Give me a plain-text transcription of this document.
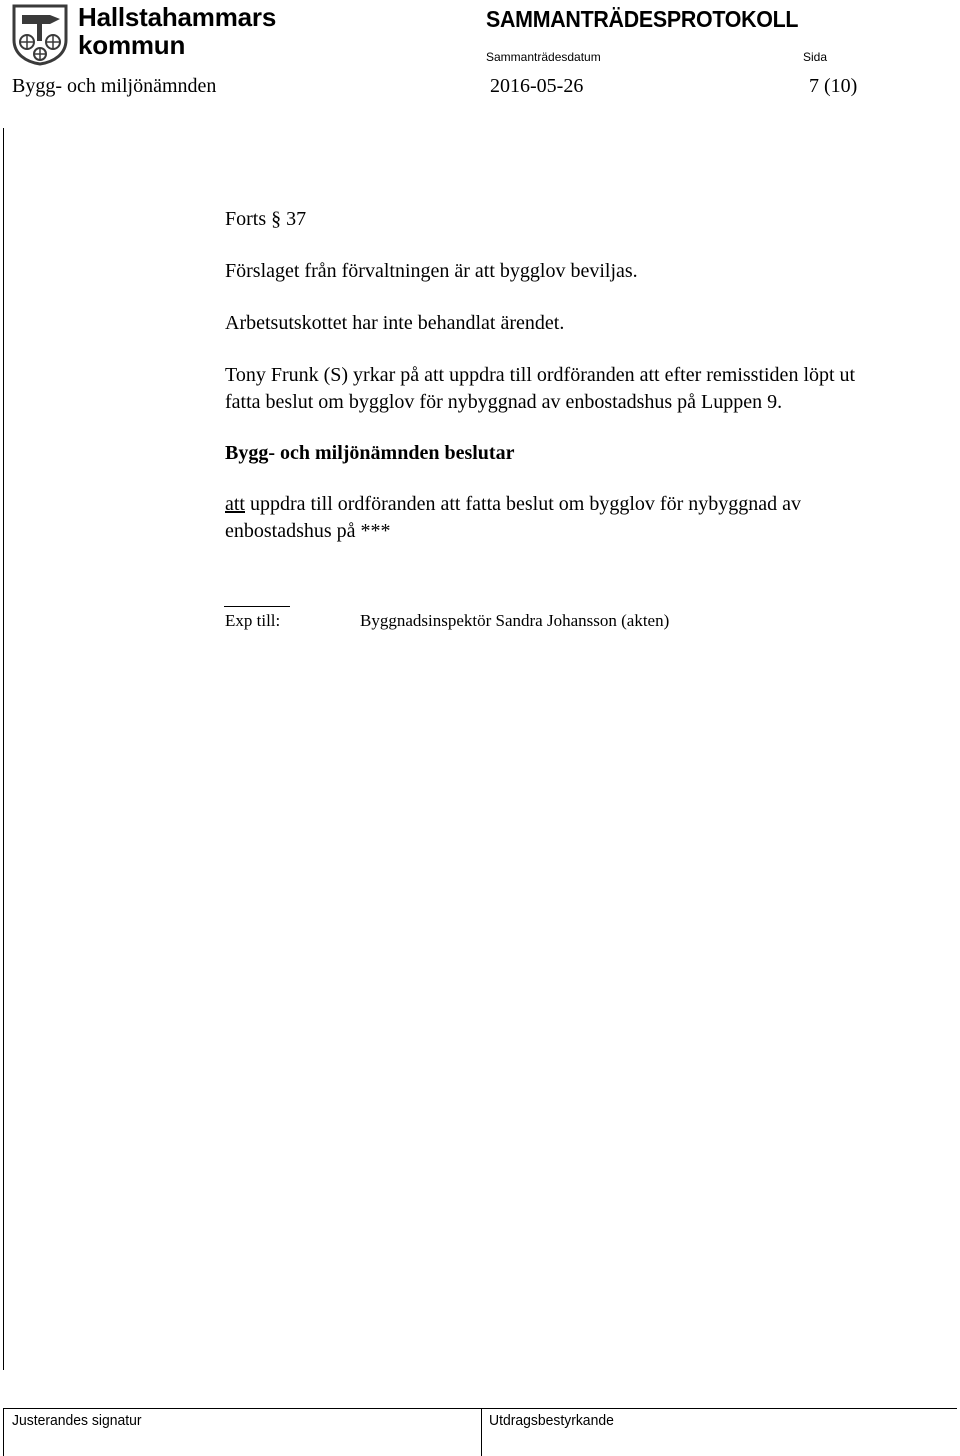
Hallstahammars
kommun
SAMMANTRÄDESPROTOKOLL
Sammanträdesdatum	Sida
Bygg- och miljönämnden	2016-05-26	7 (10)
Forts § 37
Förslaget från förvaltningen är att bygglov beviljas.
Arbetsutskottet har inte behandlat ärendet.
Tony Frunk (S) yrkar på att uppdra till ordföranden att efter remisstiden löpt ut
fatta beslut om bygglov för nybyggnad av enbostadshus på Luppen 9.
Bygg- och miljönämnden beslutar
att uppdra till ordföranden att fatta beslut om bygglov för nybyggnad av
enbostadshus på ***
Exp till:	Byggnadsinspektör Sandra Johansson (akten)
Justerandes signatur	Utdragsbestyrkande
